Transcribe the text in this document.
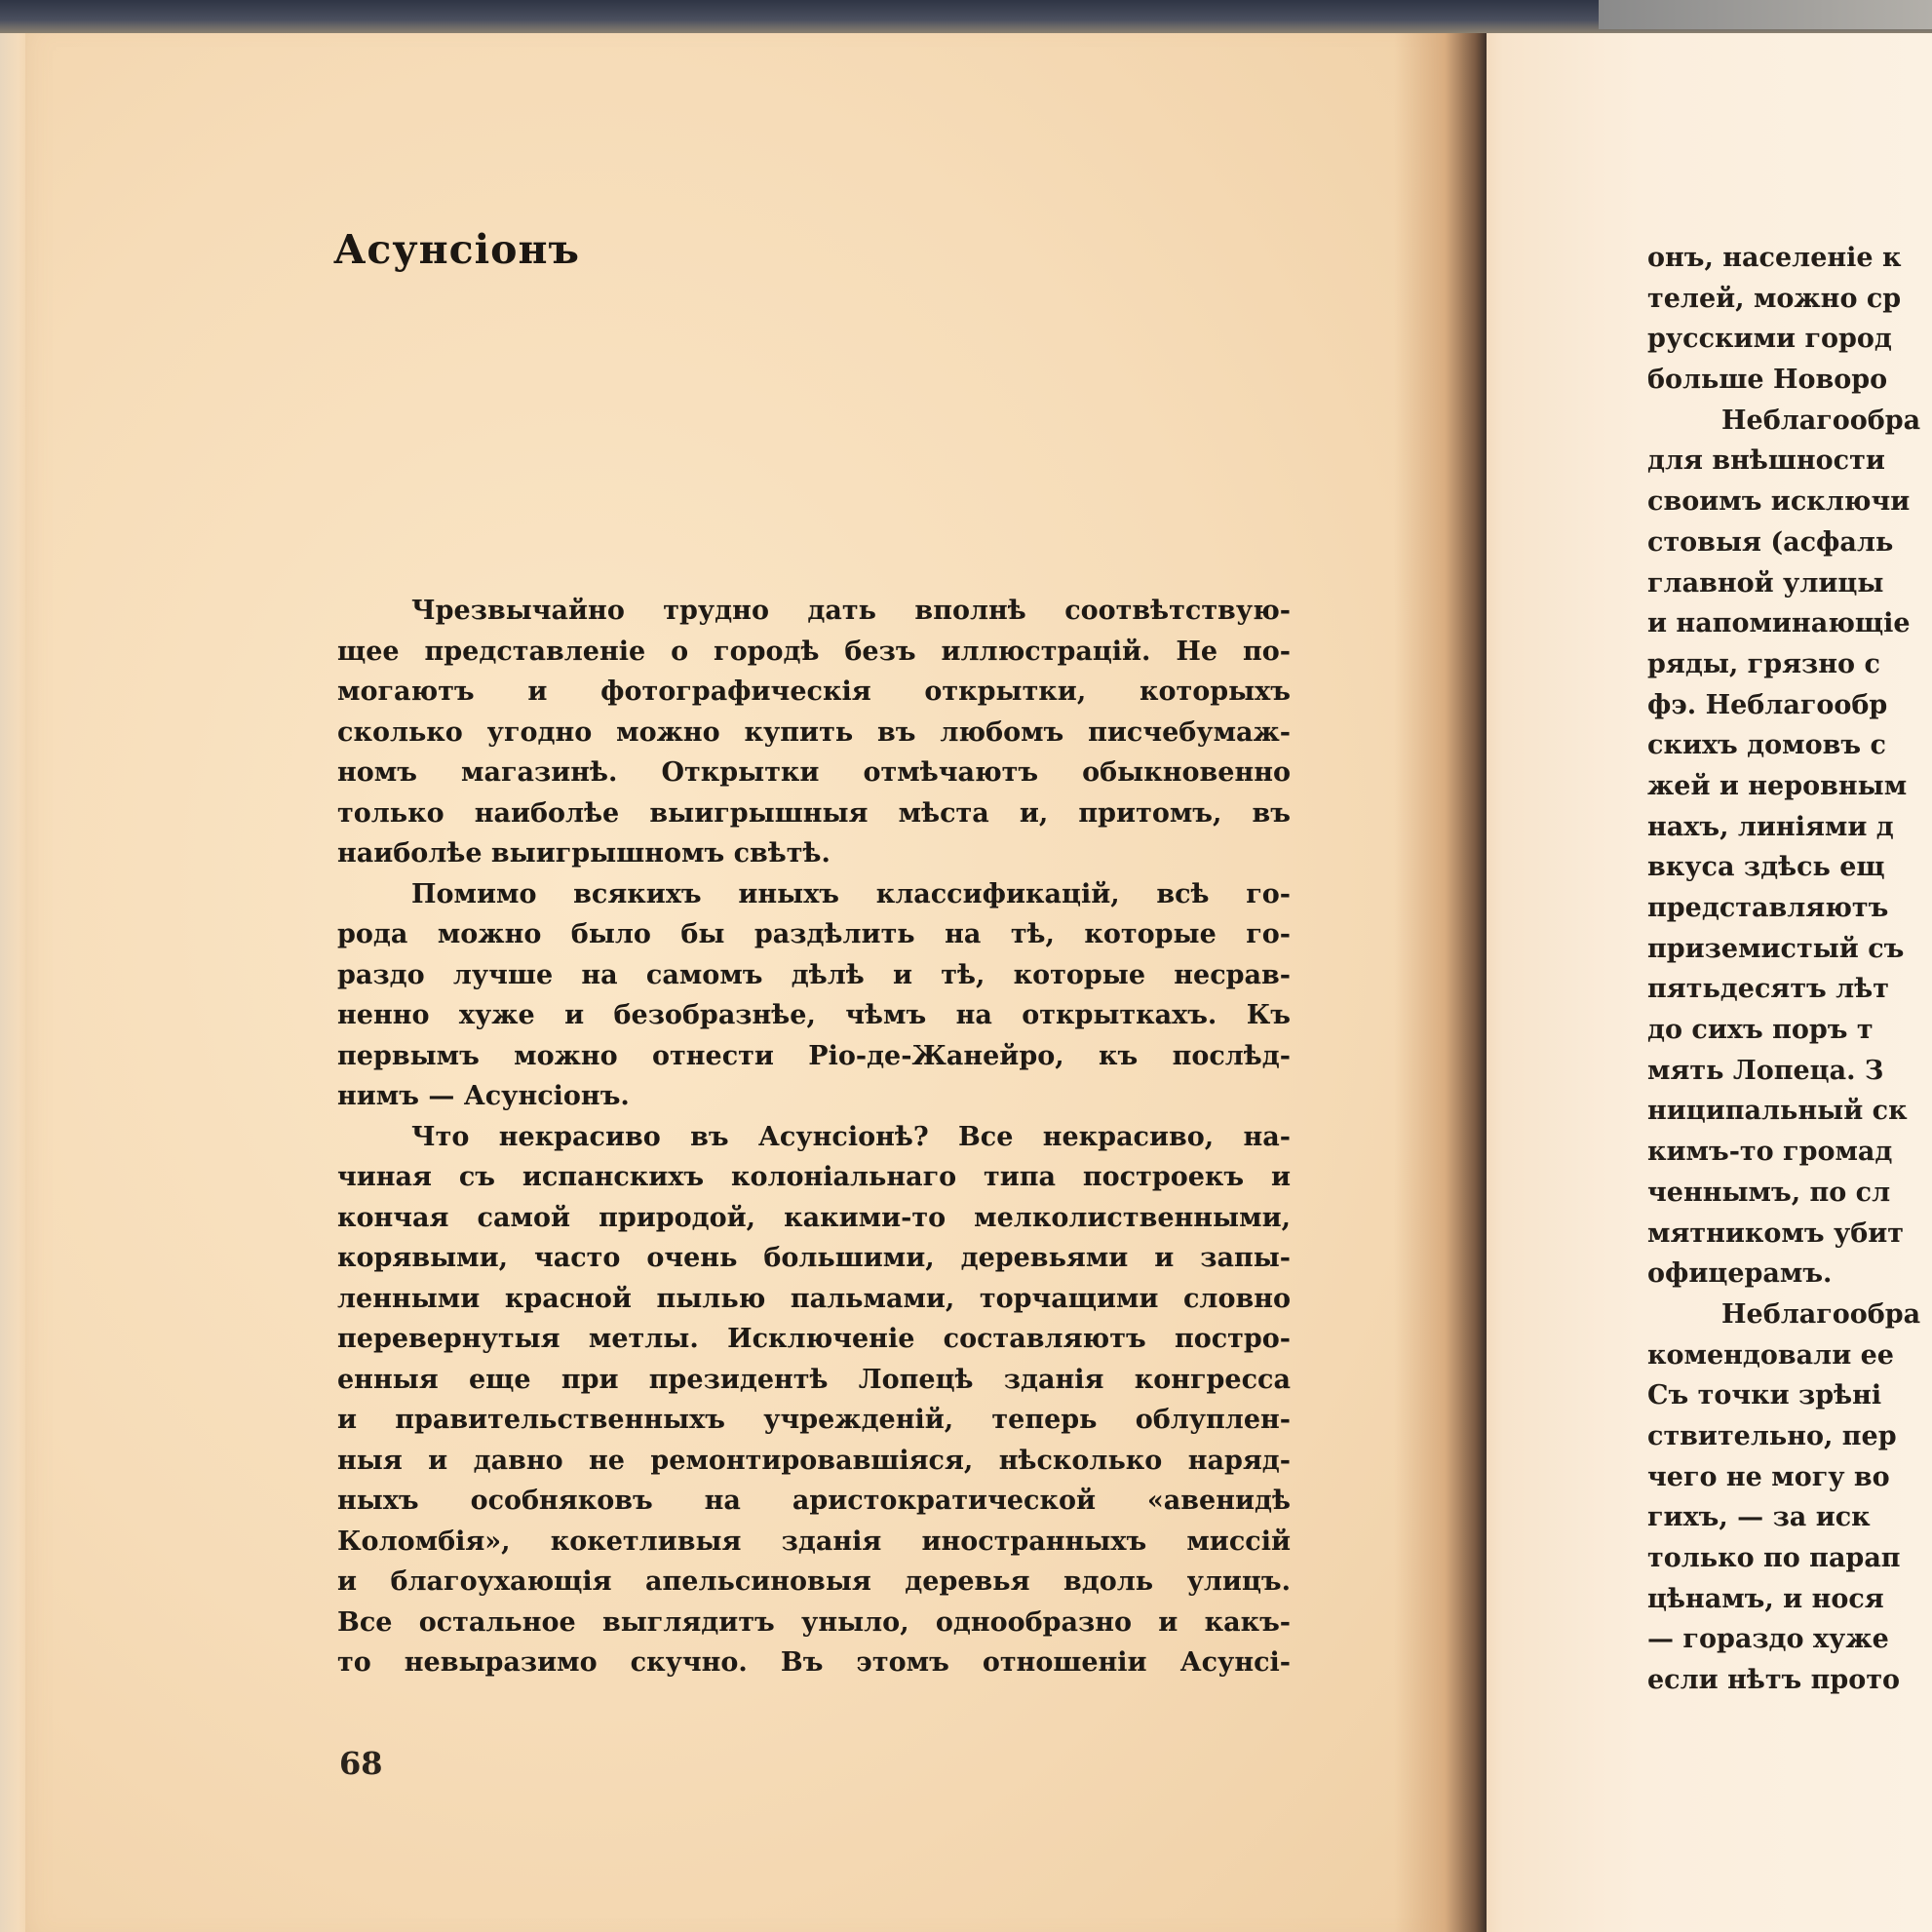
Асунсіонъ
Чрезвычайно трудно дать вполнѣ соотвѣтствую-
щее представленіе о городѣ безъ иллюстрацій. Не по-
могаютъ и фотографическія открытки, которыхъ
сколько угодно можно купить въ любомъ писчебумаж-
номъ магазинѣ. Открытки отмѣчаютъ обыкновенно
только наиболѣе выигрышныя мѣста и, притомъ, въ
наиболѣе выигрышномъ свѣтѣ.
Помимо всякихъ иныхъ классификацій, всѣ го-
рода можно было бы раздѣлить на тѣ, которые го-
раздо лучше на самомъ дѣлѣ и тѣ, которые несрав-
ненно хуже и безобразнѣе, чѣмъ на открыткахъ. Къ
первымъ можно отнести Ріо-де-Жанейро, къ послѣд-
нимъ — Асунсіонъ.
Что некрасиво въ Асунсіонѣ? Все некрасиво, на-
чиная съ испанскихъ колоніальнаго типа построекъ и
кончая самой природой, какими-то мелколиственными,
корявыми, часто очень большими, деревьями и запы-
ленными красной пылью пальмами, торчащими словно
перевернутыя метлы. Исключеніе составляютъ постро-
енныя еще при президентѣ Лопецѣ зданія конгресса
и правительственныхъ учрежденій, теперь облуплен-
ныя и давно не ремонтировавшіяся, нѣсколько наряд-
ныхъ особняковъ на аристократической «авенидѣ
Коломбія», кокетливыя зданія иностранныхъ миссій
и благоухающія апельсиновыя деревья вдоль улицъ.
Все остальное выглядитъ уныло, однообразно и какъ-
то невыразимо скучно. Въ этомъ отношеніи Асунсі-
68
онъ, населеніе к
телей, можно ср
русскими город
больше Новоро
Неблагообра
для внѣшности
своимъ исключи
стовыя (асфаль
главной улицы
и напоминающіе
ряды, грязно с
фэ. Неблагообр
скихъ домовъ с
жей и неровным
нахъ, линіями д
вкуса здѣсь ещ
представляютъ
приземистый съ
пятьдесятъ лѣт
до сихъ поръ т
мять Лопеца. З
ниципальный ск
кимъ-то громад
ченнымъ, по сл
мятникомъ убит
офицерамъ.
Неблагообра
комендовали ее
Съ точки зрѣні
ствительно, пер
чего не могу во
гихъ, — за иск
только по парап
цѣнамъ, и нося
— гораздо хуже
если нѣтъ прото
